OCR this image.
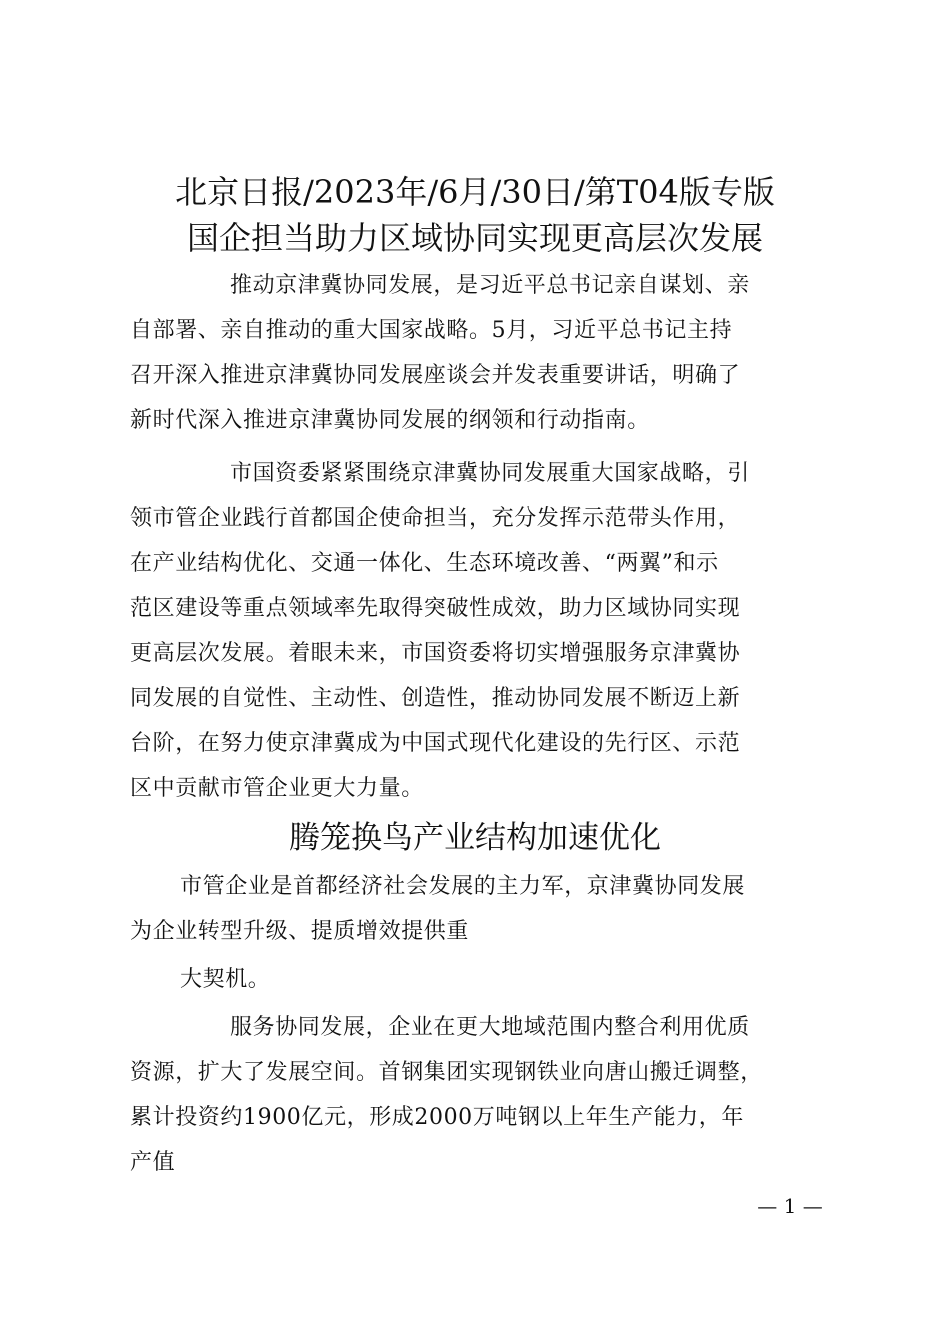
北京日报/2023年/6月/30日/第T04版专版
国企担当助力区域协同实现更高层次发展
推动京津冀协同发展，是习近平总书记亲自谋划、亲
自部署、亲自推动的重大国家战略。5月，习近平总书记主持
召开深入推进京津冀协同发展座谈会并发表重要讲话，明确了
新时代深入推进京津冀协同发展的纲领和行动指南。
市国资委紧紧围绕京津冀协同发展重大国家战略，引
领市管企业践行首都国企使命担当，充分发挥示范带头作用，
在产业结构优化、交通一体化、生态环境改善、“两翼”和示
范区建设等重点领域率先取得突破性成效，助力区域协同实现
更高层次发展。着眼未来，市国资委将切实增强服务京津冀协
同发展的自觉性、主动性、创造性，推动协同发展不断迈上新
台阶，在努力使京津冀成为中国式现代化建设的先行区、示范
区中贡献市管企业更大力量。
腾笼换鸟产业结构加速优化
市管企业是首都经济社会发展的主力军，京津冀协同发展
为企业转型升级、提质增效提供重
大契机。
服务协同发展，企业在更大地域范围内整合利用优质
资源，扩大了发展空间。首钢集团实现钢铁业向唐山搬迁调整，
累计投资约1900亿元，形成2000万吨钢以上年生产能力，年
产值
— 1 —
